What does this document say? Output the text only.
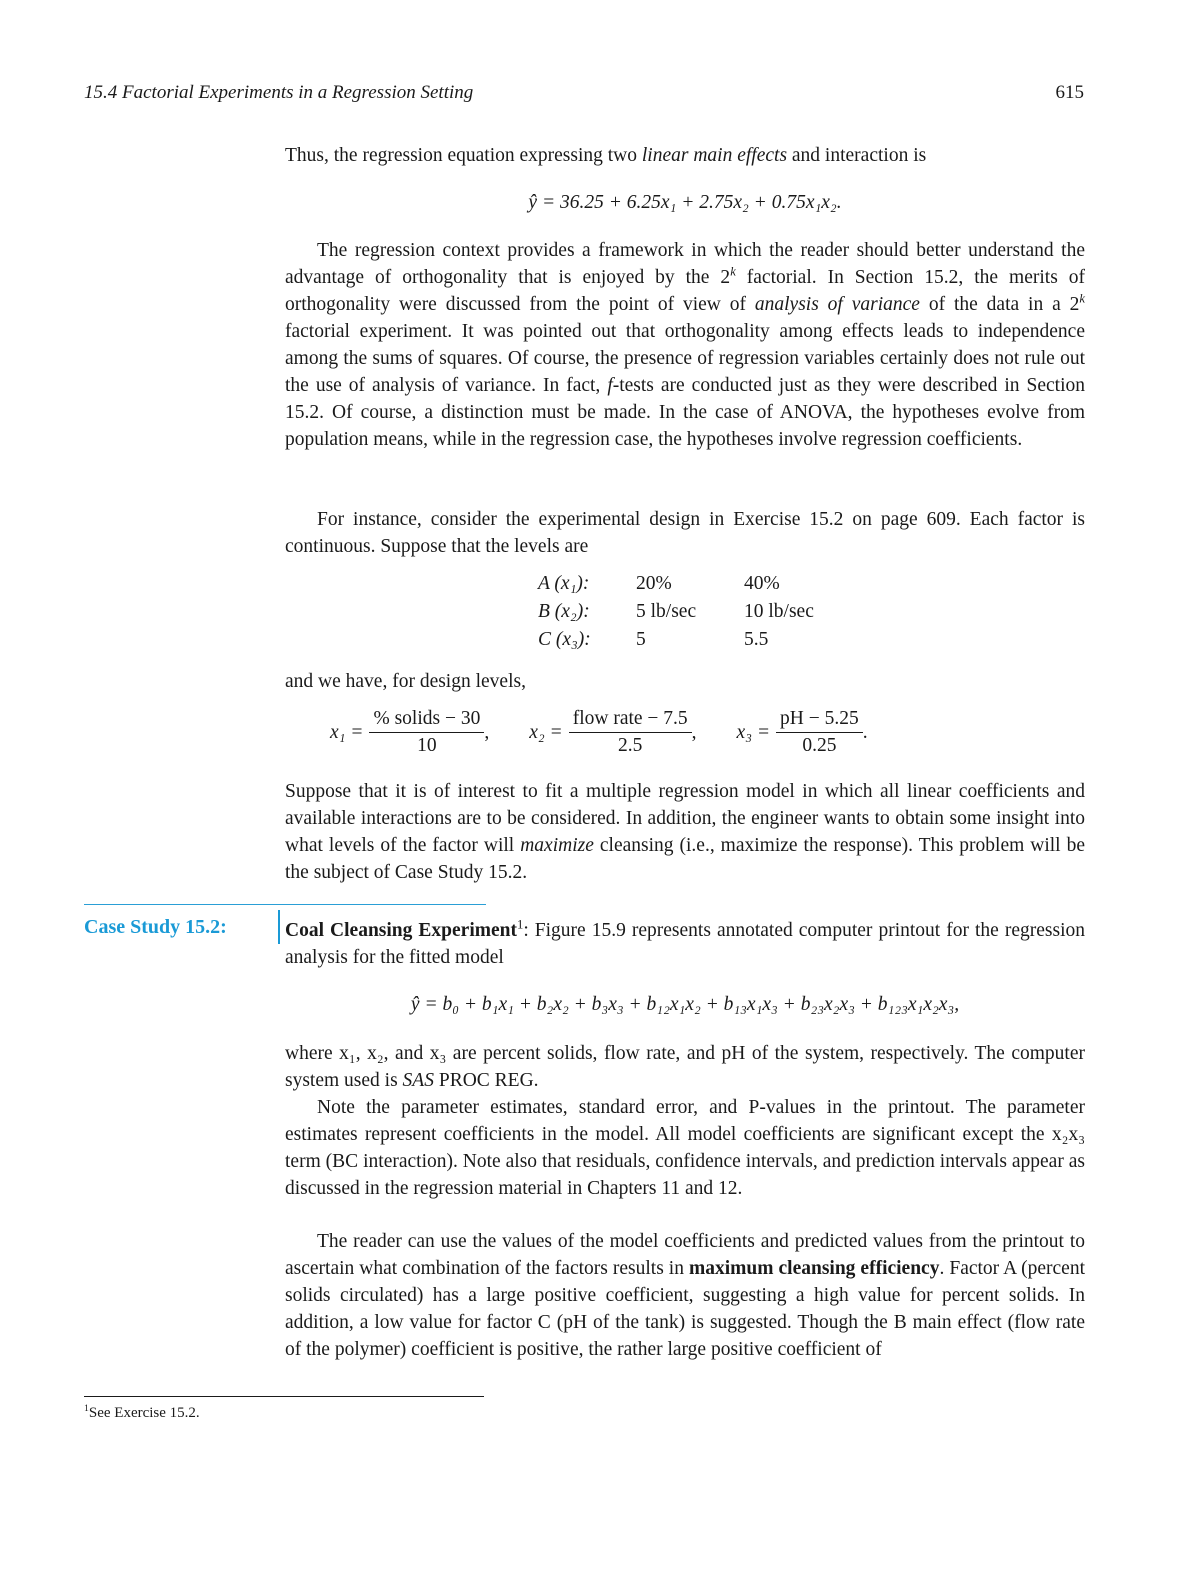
15.4 Factorial Experiments in a Regression Setting	615

Thus, the regression equation expressing two linear main effects and interaction is

ŷ = 36.25 + 6.25x₁ + 2.75x₂ + 0.75x₁x₂.

The regression context provides a framework in which the reader should better understand the advantage of orthogonality that is enjoyed by the 2$^k$ factorial. In Section 15.2, the merits of orthogonality were discussed from the point of view of analysis of variance of the data in a 2$^k$ factorial experiment. It was pointed out that orthogonality among effects leads to independence among the sums of squares. Of course, the presence of regression variables certainly does not rule out the use of analysis of variance. In fact, f-tests are conducted just as they were described in Section 15.2. Of course, a distinction must be made. In the case of ANOVA, the hypotheses evolve from population means, while in the regression case, the hypotheses involve regression coefficients.

For instance, consider the experimental design in Exercise 15.2 on page 609. Each factor is continuous. Suppose that the levels are

A (x₁):	20%	40%
B (x₂):	5 lb/sec	10 lb/sec
C (x₃):	5	5.5

and we have, for design levels,

$x_1 = \frac{\text{\% solids − 30}}{10}$ , $x_2 = \frac{\text{flow rate − 7.5}}{2.5}$ , $x_3 = \frac{pH - 5.25}{0.25}$ .

Suppose that it is of interest to fit a multiple regression model in which all linear coefficients and available interactions are to be considered. In addition, the engineer wants to obtain some insight into what levels of the factor will maximize cleansing (i.e., maximize the response). This problem will be the subject of Case Study 15.2.

Case Study 15.2:	Coal Cleansing Experiment$^1$: Figure 15.9 represents annotated computer printout for the regression analysis for the fitted model

ŷ = b₀ + b₁x₁ + b₂x₂ + b₃x₃ + b₁₂x₁x₂ + b₁₃x₁x₃ + b₂₃x₂x₃ + b₁₂₃x₁x₂x₃,

where x₁, x₂, and x₃ are percent solids, flow rate, and pH of the system, respectively. The computer system used is SAS PROC REG.

Note the parameter estimates, standard error, and P-values in the printout. The parameter estimates represent coefficients in the model. All model coefficients are significant except the x₂x₃ term (BC interaction). Note also that residuals, confidence intervals, and prediction intervals appear as discussed in the regression material in Chapters 11 and 12.

The reader can use the values of the model coefficients and predicted values from the printout to ascertain what combination of the factors results in maximum cleansing efficiency. Factor A (percent solids circulated) has a large positive coefficient, suggesting a high value for percent solids. In addition, a low value for factor C (pH of the tank) is suggested. Though the B main effect (flow rate of the polymer) coefficient is positive, the rather large positive coefficient of

$^1$See Exercise 15.2.
